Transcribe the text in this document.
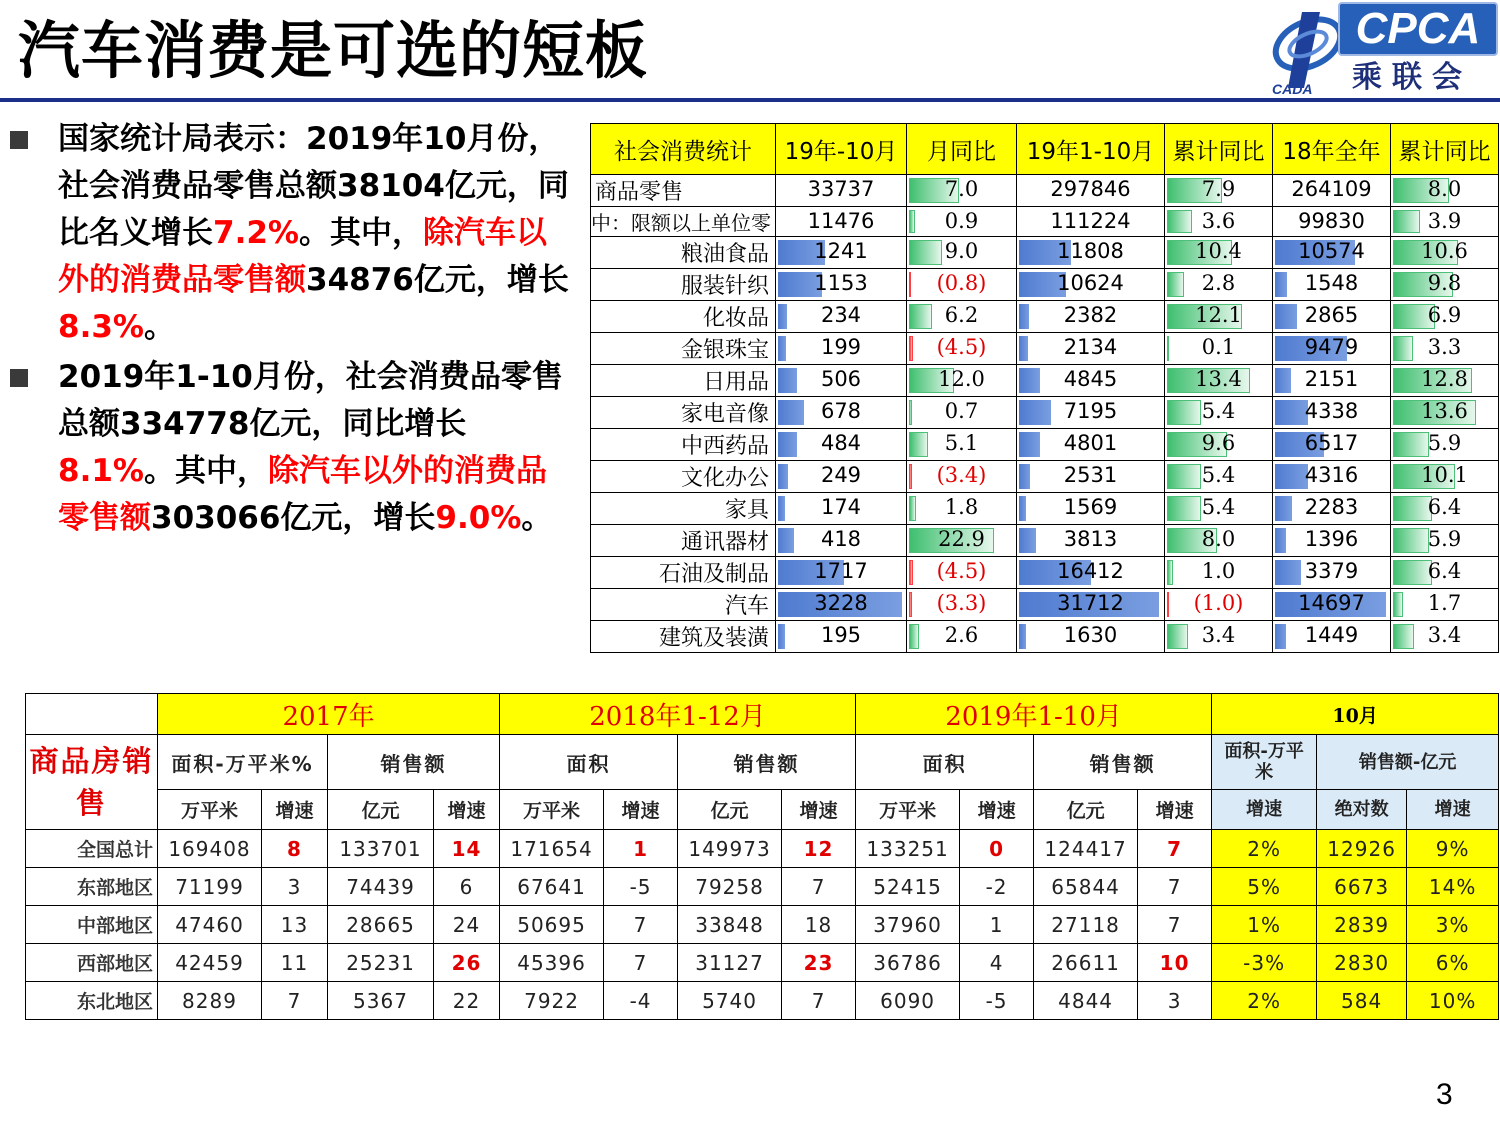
汽车消费是可选的短板
CADA
CPCA
乘联会
国家统计局表示：2019年10月份，社会消费品零售总额38104亿元，同比名义增长7.2%。其中，除汽车以外的消费品零售额34876亿元，增长8.3%。
2019年1-10月份，社会消费品零售总额334778亿元，同比增长8.1%。其中，除汽车以外的消费品零售额303066亿元，增长9.0%。
社会消费统计	19年-10月	月同比	19年1-10月	累计同比	18年全年	累计同比
商品零售	33737	7.0	297846	7.9	264109	8.0

中：限额以上单位零	11476	0.9	111224	3.6	99830	3.9

粮油食品	1241	9.0	11808	10.4	10574	10.6

服装针织	1153	(0.8)	10624	2.8	1548	9.8

化妆品	234	6.2	2382	12.1	2865	6.9

金银珠宝	199	(4.5)	2134	0.1	9479	3.3

日用品	506	12.0	4845	13.4	2151	12.8

家电音像	678	0.7	7195	5.4	4338	13.6

中西药品	484	5.1	4801	9.6	6517	5.9

文化办公	249	(3.4)	2531	5.4	4316	10.1

家具	174	1.8	1569	5.4	2283	6.4

通讯器材	418	22.9	3813	8.0	1396	5.9

石油及制品	1717	(4.5)	16412	1.0	3379	6.4

汽车	3228	(3.3)	31712	(1.0)	14697	1.7

建筑及装潢	195	2.6	1630	3.4	1449	3.4
	2017年				2018年1-12月				2019年1-10月				10月		
商品房销售	面积-万平米%		销售额		面积		销售额		面积		销售额		面积-万平米	销售额-亿元	
	万平米	增速	亿元	增速	万平米	增速	亿元	增速	万平米	增速	亿元	增速	增速	绝对数	增速
全国总计	169408	8	133701	14	171654	1	149973	12	133251	0	124417	7	2%	12926	9%
东部地区	71199	3	74439	6	67641	-5	79258	7	52415	-2	65844	7	5%	6673	14%
中部地区	47460	13	28665	24	50695	7	33848	18	37960	1	27118	7	1%	2839	3%
西部地区	42459	11	25231	26	45396	7	31127	23	36786	4	26611	10	-3%	2830	6%
东北地区	8289	7	5367	22	7922	-4	5740	7	6090	-5	4844	3	2%	584	10%
3
